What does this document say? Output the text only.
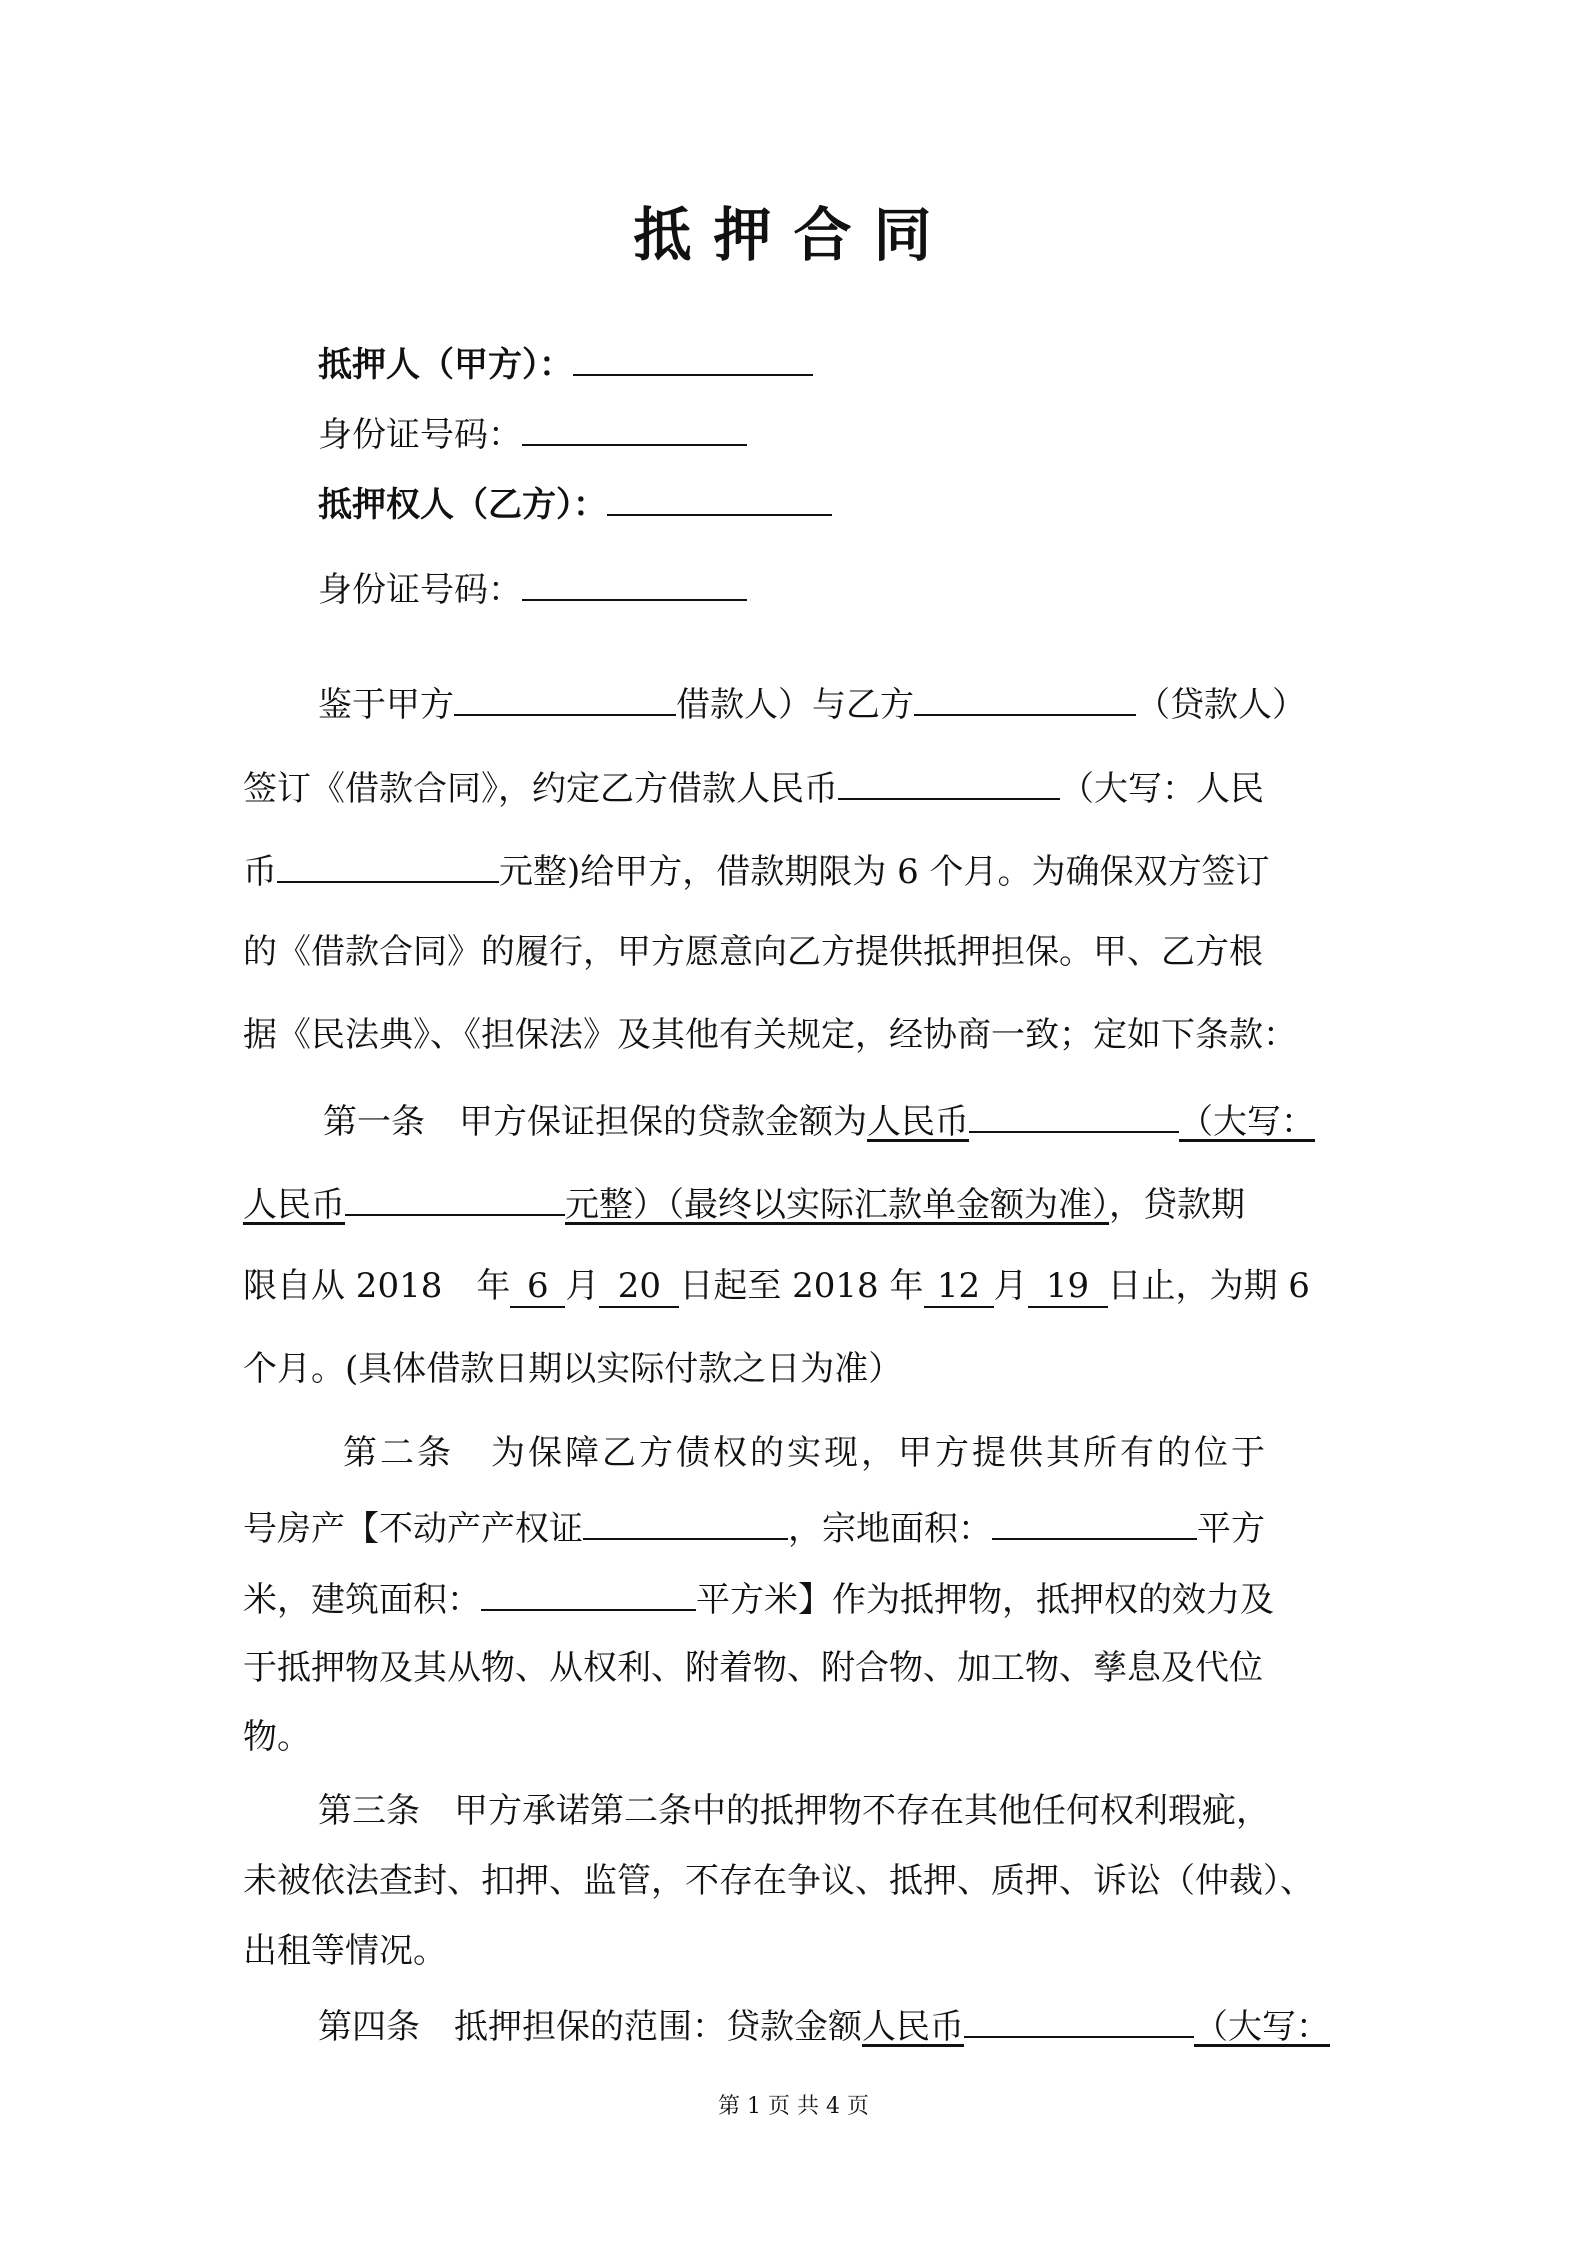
抵押合同
抵押人（甲方）：
身份证号码：
抵押权人（乙方）：
身份证号码：
鉴于甲方	借款人）与乙方	（贷款人）
签订《借款合同》，约定乙方借款人民币	（大写：人民
币	元整)给甲方，借款期限为 6 个月。为确保双方签订
的《借款合同》的履行，甲方愿意向乙方提供抵押担保。甲、乙方根
据《民法典》、《担保法》及其他有关规定，经协商一致；定如下条款：
第一条　甲方保证担保的贷款金额为人民币	（大写：
人民币	元整）（最终以实际汇款单金额为准），贷款期
限自从 2018　年 6 月 20 日起至 2018 年 12 月 19 日止，为期 6
个月。(具体借款日期以实际付款之日为准）
第二条　为保障乙方债权的实现，甲方提供其所有的位于
号房产【不动产产权证	，宗地面积：	平方
米，建筑面积：	平方米】作为抵押物，抵押权的效力及
于抵押物及其从物、从权利、附着物、附合物、加工物、孳息及代位
物。
第三条　甲方承诺第二条中的抵押物不存在其他任何权利瑕疵，
未被依法查封、扣押、监管，不存在争议、抵押、质押、诉讼（仲裁）、
出租等情况。
第四条　抵押担保的范围：贷款金额人民币	（大写：
第 1 页 共 4 页
